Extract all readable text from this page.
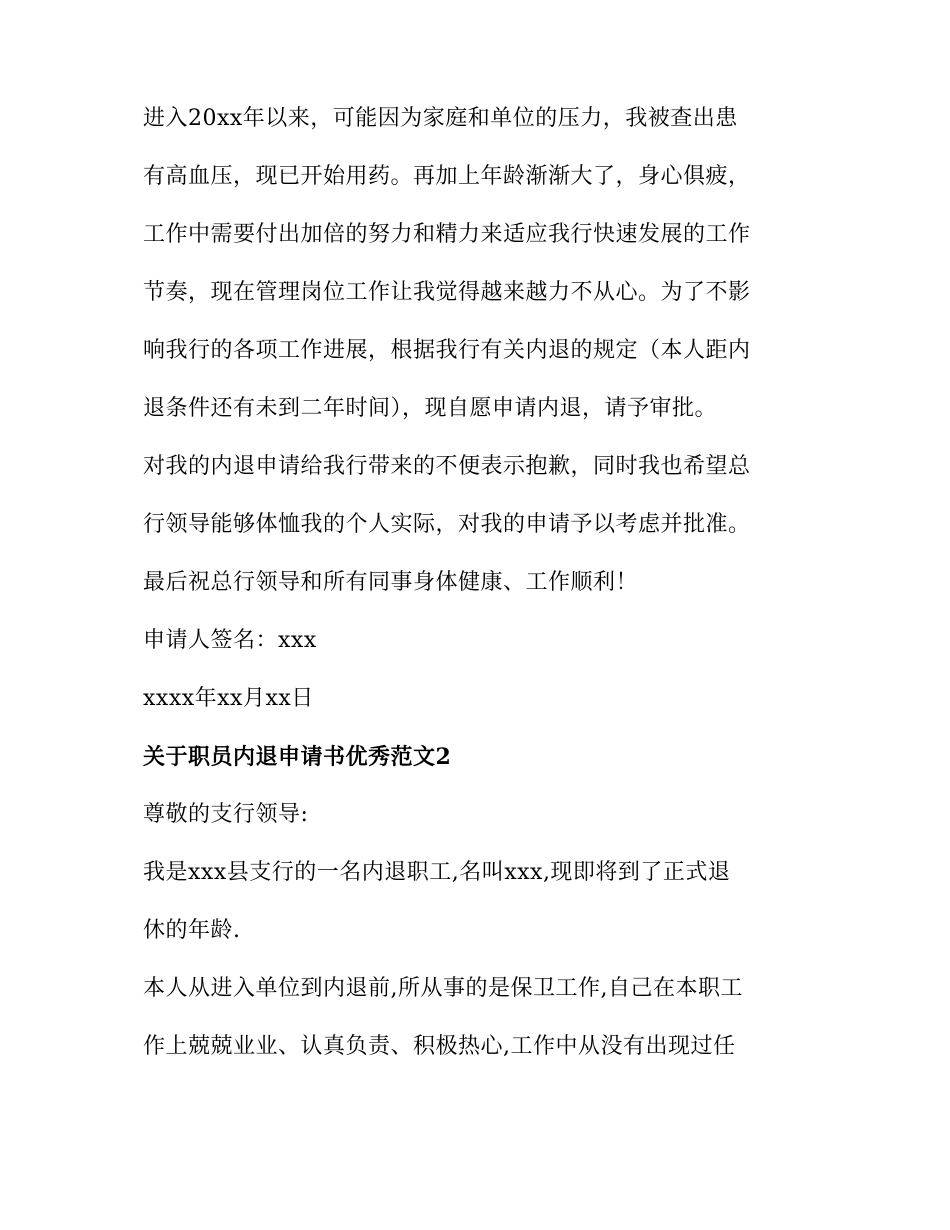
进入20xx年以来，可能因为家庭和单位的压力，我被查出患
有高血压，现已开始用药。再加上年龄渐渐大了，身心俱疲，
工作中需要付出加倍的努力和精力来适应我行快速发展的工作
节奏，现在管理岗位工作让我觉得越来越力不从心。为了不影
响我行的各项工作进展，根据我行有关内退的规定（本人距内
退条件还有未到二年时间），现自愿申请内退，请予审批。
对我的内退申请给我行带来的不便表示抱歉，同时我也希望总
行领导能够体恤我的个人实际，对我的申请予以考虑并批准。
最后祝总行领导和所有同事身体健康、工作顺利！
申请人签名：xxx
xxxx年xx月xx日
关于职员内退申请书优秀范文2
尊敬的支行领导:
我是xxx县支行的一名内退职工,名叫xxx,现即将到了正式退
休的年龄.
本人从进入单位到内退前,所从事的是保卫工作,自己在本职工
作上兢兢业业、认真负责、积极热心,工作中从没有出现过任
